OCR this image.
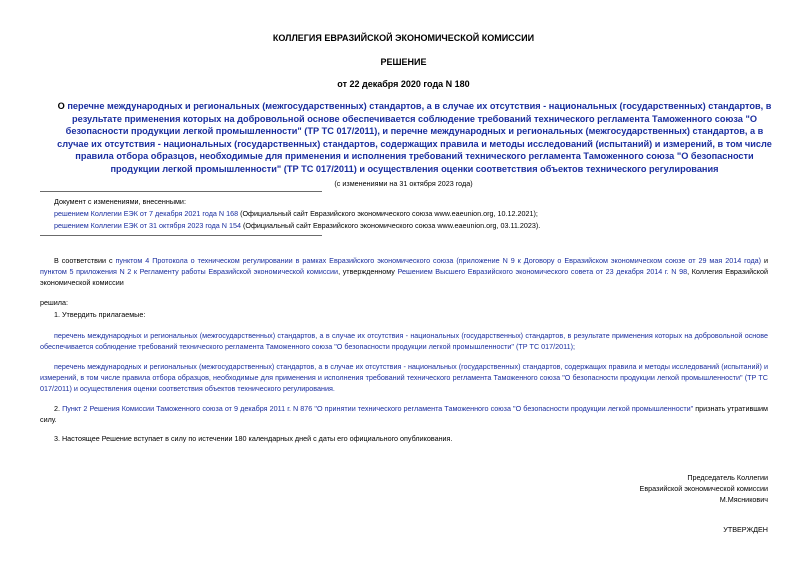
КОЛЛЕГИЯ ЕВРАЗИЙСКОЙ ЭКОНОМИЧЕСКОЙ КОМИССИИ
РЕШЕНИЕ
от 22 декабря 2020 года N 180
О перечне международных и региональных (межгосударственных) стандартов, а в случае их отсутствия - национальных (государственных) стандартов, в результате применения которых на добровольной основе обеспечивается соблюдение требований технического регламента Таможенного союза "О безопасности продукции легкой промышленности" (ТР ТС 017/2011), и перечне международных и региональных (межгосударственных) стандартов, а в случае их отсутствия - национальных (государственных) стандартов, содержащих правила и методы исследований (испытаний) и измерений, в том числе правила отбора образцов, необходимые для применения и исполнения требований технического регламента Таможенного союза "О безопасности продукции легкой промышленности" (ТР ТС 017/2011) и осуществления оценки соответствия объектов технического регулирования
(с изменениями на 31 октября 2023 года)
Документ с изменениями, внесенными:
решением Коллегии ЕЭК от 7 декабря 2021 года N 168 (Официальный сайт Евразийского экономического союза www.eaeunion.org, 10.12.2021);
решением Коллегии ЕЭК от 31 октября 2023 года N 154 (Официальный сайт Евразийского экономического союза www.eaeunion.org, 03.11.2023).
В соответствии с пунктом 4 Протокола о техническом регулировании в рамках Евразийского экономического союза (приложение N 9 к Договору о Евразийском экономическом союзе от 29 мая 2014 года) и пунктом 5 приложения N 2 к Регламенту работы Евразийской экономической комиссии, утвержденному Решением Высшего Евразийского экономического совета от 23 декабря 2014 г. N 98, Коллегия Евразийской экономической комиссии
решила:
1. Утвердить прилагаемые:
перечень международных и региональных (межгосударственных) стандартов, а в случае их отсутствия - национальных (государственных) стандартов, в результате применения которых на добровольной основе обеспечивается соблюдение требований технического регламента Таможенного союза "О безопасности продукции легкой промышленности" (ТР ТС 017/2011);
перечень международных и региональных (межгосударственных) стандартов, а в случае их отсутствия - национальных (государственных) стандартов, содержащих правила и методы исследований (испытаний) и измерений, в том числе правила отбора образцов, необходимые для применения и исполнения требований технического регламента Таможенного союза "О безопасности продукции легкой промышленности" (ТР ТС 017/2011) и осуществления оценки соответствия объектов технического регулирования.
2. Пункт 2 Решения Комиссии Таможенного союза от 9 декабря 2011 г. N 876 "О принятии технического регламента Таможенного союза "О безопасности продукции легкой промышленности" признать утратившим силу.
3. Настоящее Решение вступает в силу по истечении 180 календарных дней с даты его официального опубликования.
Председатель Коллегии
Евразийской экономической комиссии
М.Мясникович
УТВЕРЖДЕН
